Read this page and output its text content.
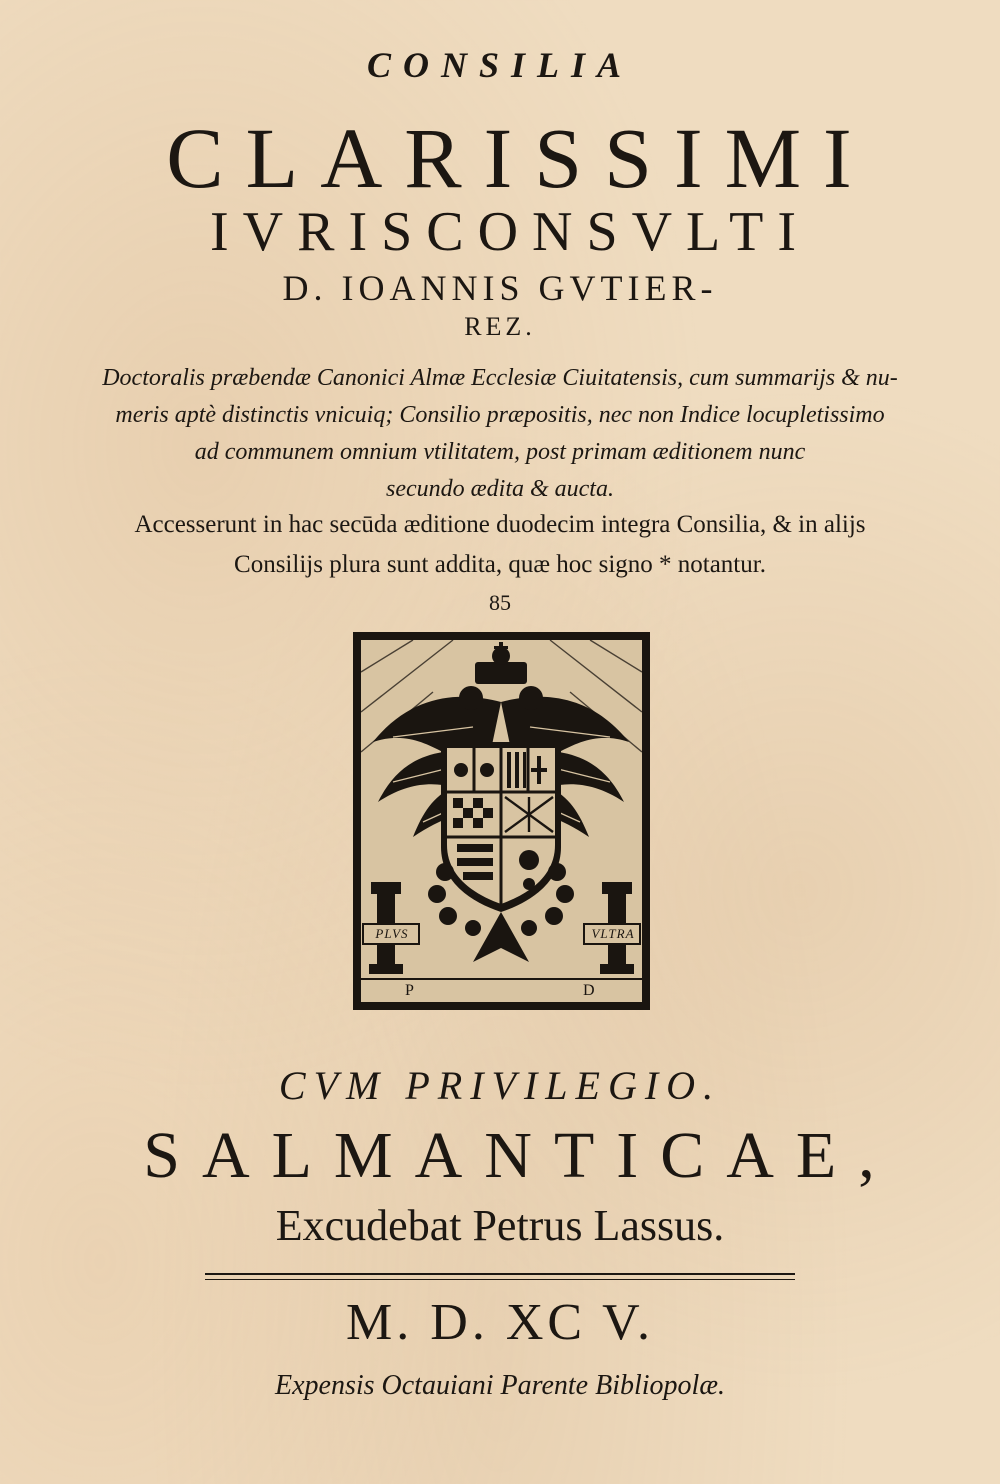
CONSILIA
CLARISSIMI
IVRISCONSVLTI
D. IOANNIS GVTIER-
REZ.
Doctoralis præbendæ Canonici Almæ Ecclesiæ Ciuitatensis, cum summarijs & nu-
meris aptè distinctis vnicuiq; Consilio præpositis, nec non Indice locupletissimo
ad communem omnium vtilitatem, post primam æditionem nunc
secundo ædita & aucta.
Accesserunt in hac secūda æditione duodecim integra Consilia, & in alijs
Consilijs plura sunt addita, quæ hoc signo * notantur.
85
PLVS	VLTRA
P	D
CVM PRIVILEGIO.
SALMANTICAE,
Excudebat Petrus Lassus.
M. D. XC V.
Expensis Octauiani Parente Bibliopolæ.
